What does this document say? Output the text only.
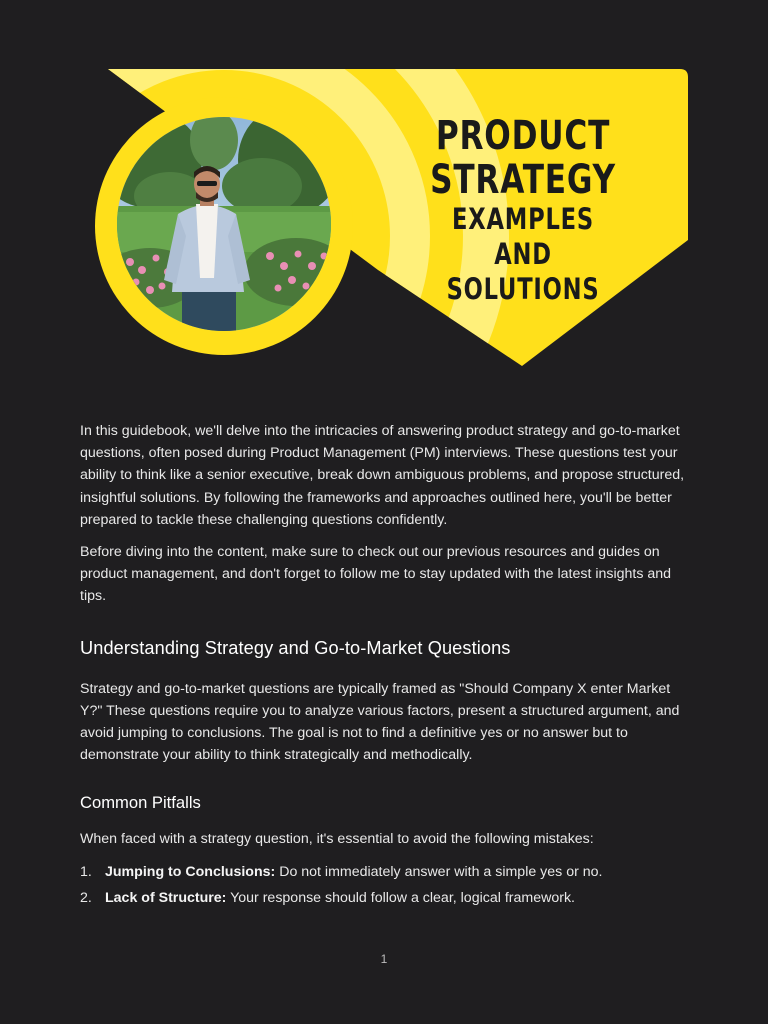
PRODUCT
STRATEGY
EXAMPLES
AND
SOLUTIONS

In this guidebook, we'll delve into the intricacies of answering product strategy and go-to-market questions, often posed during Product Management (PM) interviews. These questions test your ability to think like a senior executive, break down ambiguous problems, and propose structured, insightful solutions. By following the frameworks and approaches outlined here, you'll be better prepared to tackle these challenging questions confidently.

Before diving into the content, make sure to check out our previous resources and guides on product management, and don't forget to follow me to stay updated with the latest insights and tips.

Understanding Strategy and Go-to-Market Questions

Strategy and go-to-market questions are typically framed as "Should Company X enter Market Y?" These questions require you to analyze various factors, present a structured argument, and avoid jumping to conclusions. The goal is not to find a definitive yes or no answer but to demonstrate your ability to think strategically and methodically.

Common Pitfalls

When faced with a strategy question, it's essential to avoid the following mistakes:

1. Jumping to Conclusions: Do not immediately answer with a simple yes or no.
2. Lack of Structure: Your response should follow a clear, logical framework.
1
